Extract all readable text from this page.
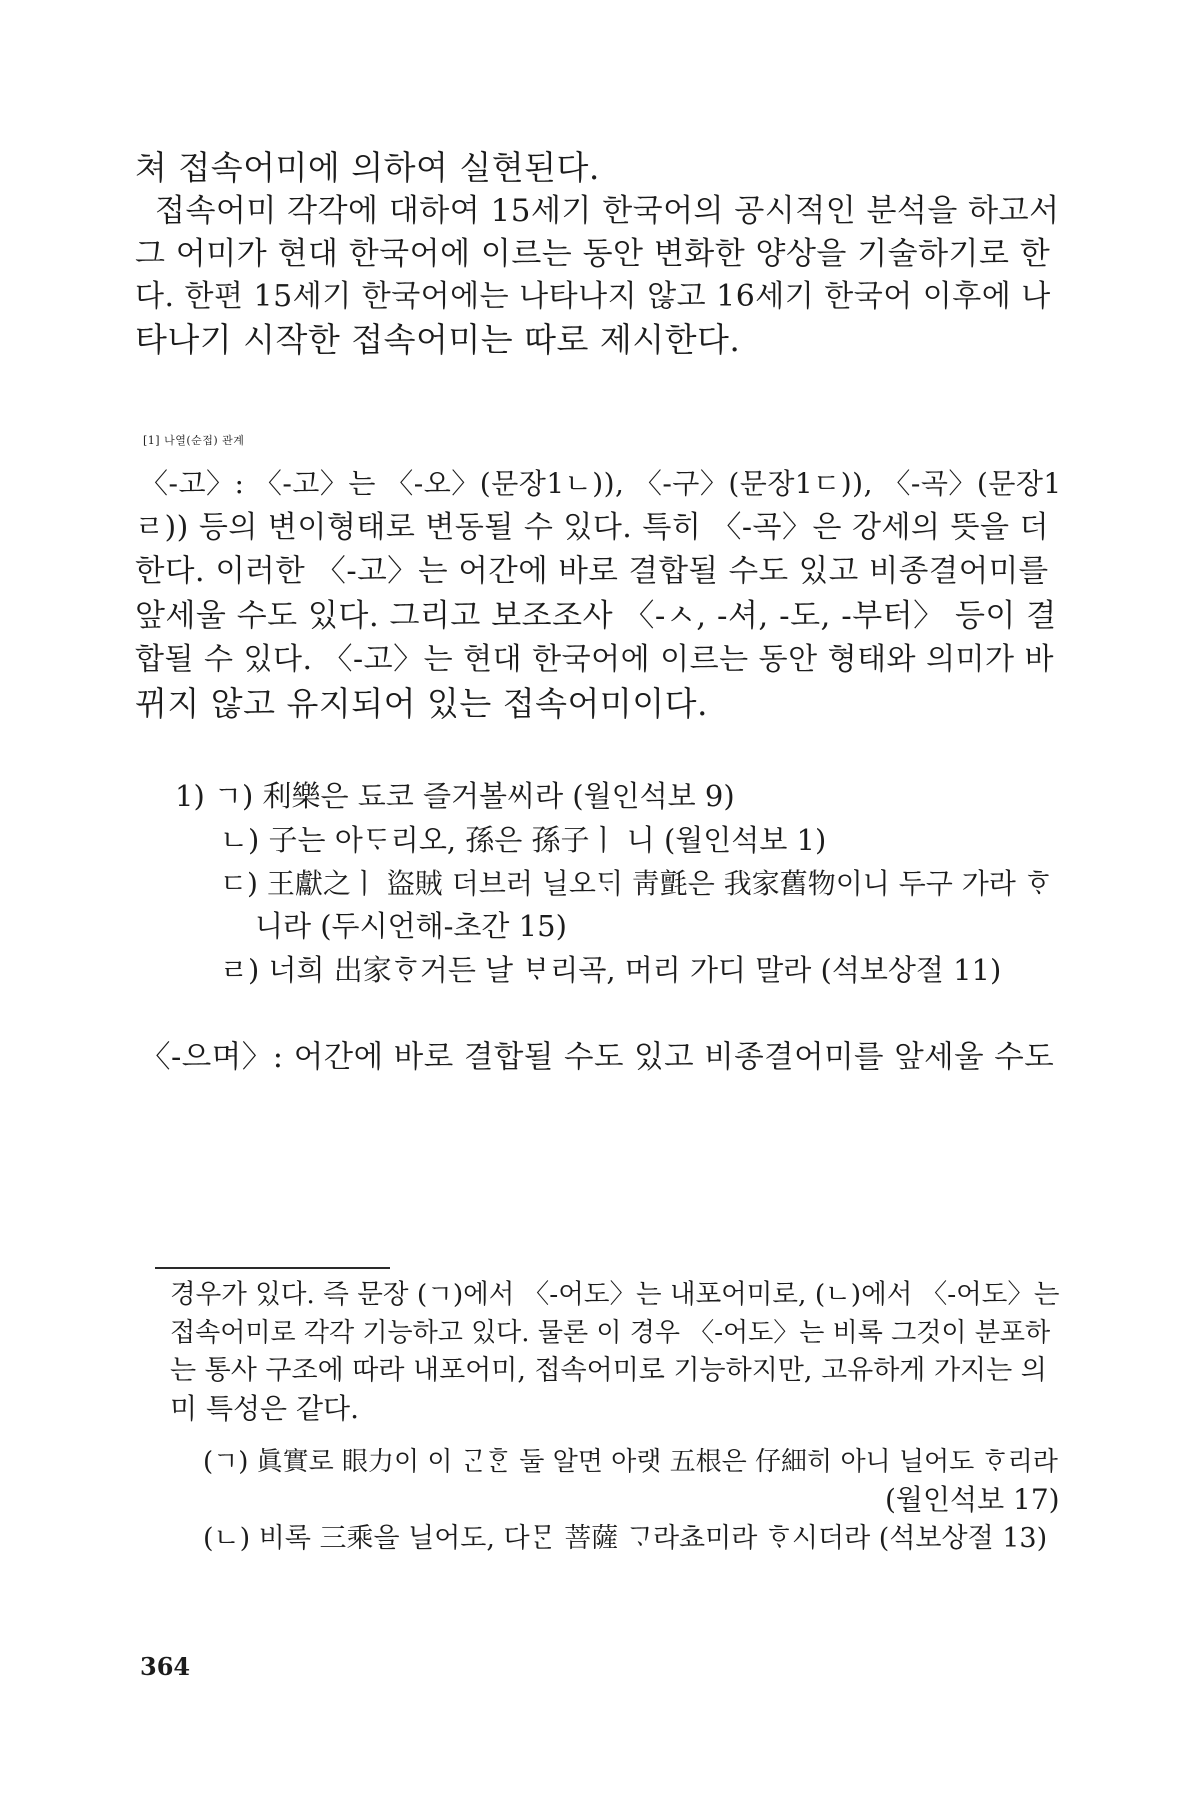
쳐 접속어미에 의하여 실현된다.
접속어미 각각에 대하여 15세기 한국어의 공시적인 분석을 하고서
그 어미가 현대 한국어에 이르는 동안 변화한 양상을 기술하기로 한
다. 한편 15세기 한국어에는 나타나지 않고 16세기 한국어 이후에 나
타나기 시작한 접속어미는 따로 제시한다.
[1] 나열(순접) 관계
〈-고〉: 〈-고〉는 〈-오〉(문장1ㄴ)), 〈-구〉(문장1ㄷ)), 〈-곡〉(문장1
ㄹ)) 등의 변이형태로 변동될 수 있다. 특히 〈-곡〉은 강세의 뜻을 더
한다. 이러한 〈-고〉는 어간에 바로 결합될 수도 있고 비종결어미를
앞세울 수도 있다. 그리고 보조조사 〈-ㅅ, -셔, -도, -부터〉 등이 결
합될 수 있다. 〈-고〉는 현대 한국어에 이르는 동안 형태와 의미가 바
뀌지 않고 유지되어 있는 접속어미이다.
1) ㄱ) 利樂은 됴코 즐거볼씨라 (월인석보 9)
ㄴ) 子는 아ᄃᆞ리오, 孫은 孫子ㅣ 니 (월인석보 1)
ㄷ) 王獻之ㅣ 盜賊 더브러 닐오ᄃᆡ 靑氈은 我家舊物이니 두구 가라 ᄒᆞ
니라 (두시언해-초간 15)
ㄹ) 너희 出家ᄒᆞ거든 날 ᄇᆞ리곡, 머리 가디 말라 (석보상절 11)
〈-으며〉: 어간에 바로 결합될 수도 있고 비종결어미를 앞세울 수도
경우가 있다. 즉 문장 (ㄱ)에서 〈-어도〉는 내포어미로, (ㄴ)에서 〈-어도〉는
접속어미로 각각 기능하고 있다. 물론 이 경우 〈-어도〉는 비록 그것이 분포하
는 통사 구조에 따라 내포어미, 접속어미로 기능하지만, 고유하게 가지는 의
미 특성은 같다.
(ㄱ) 眞實로 眼力이 이 ᄀᆞᆫᄒᆞᆫ 둘 알면 아랫 五根은 仔細히 아니 닐어도 ᄒᆞ리라
(월인석보 17)
(ㄴ) 비록 三乘을 닐어도, 다ᄆᆞᆫ 菩薩 ᄀᆞ라쵸미라 ᄒᆞ시더라 (석보상절 13)
364
